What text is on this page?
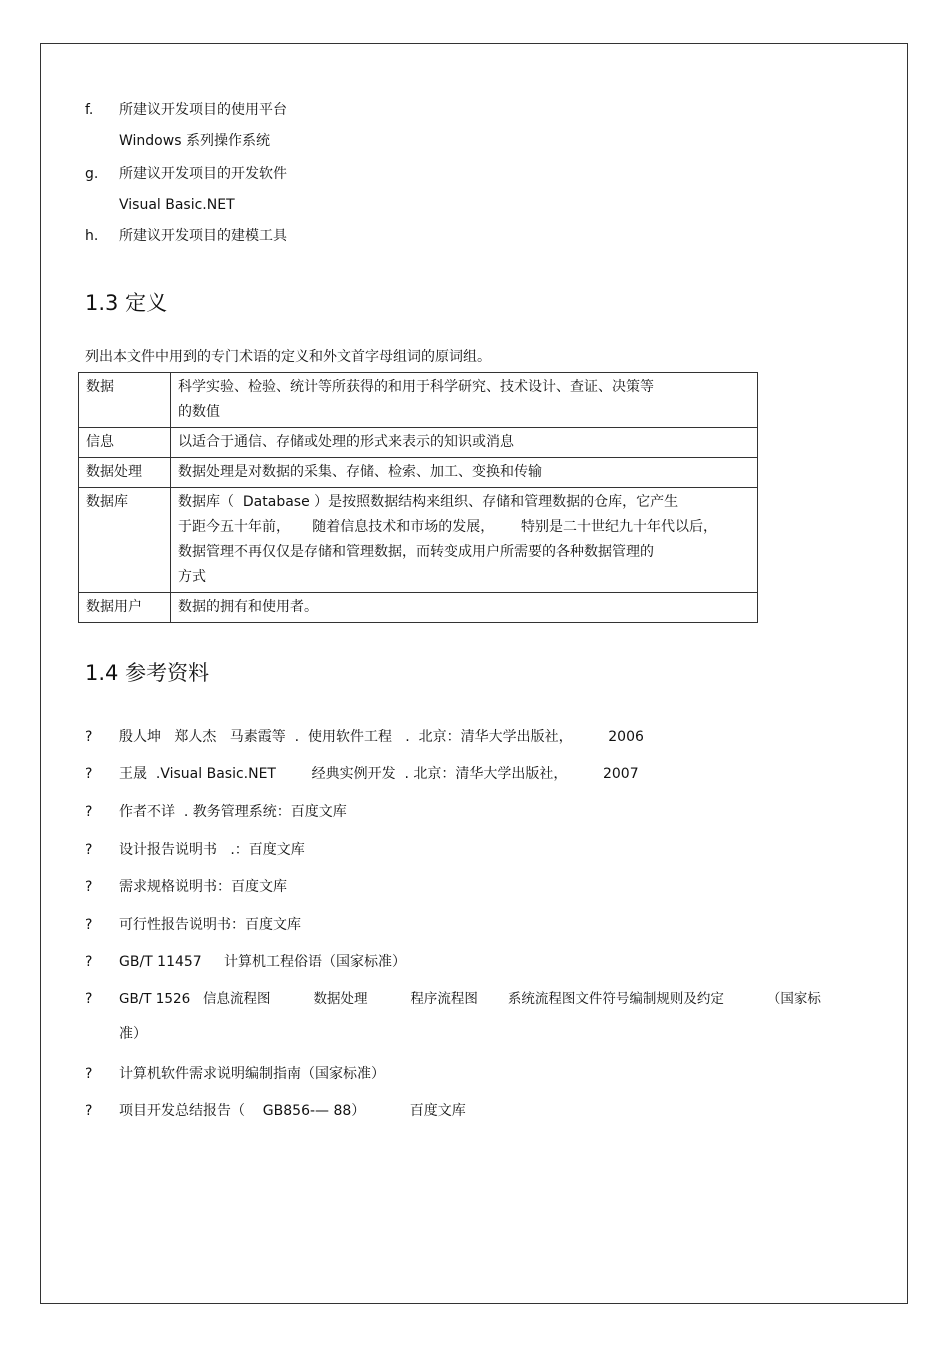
f. 所建议开发项目的使用平台
Windows 系列操作系统
g. 所建议开发项目的开发软件
Visual Basic.NET
h. 所建议开发项目的建模工具
1.3 定义
列出本文件中用到的专门术语的定义和外文首字母组词的原词组。
数据	科学实验、检验、统计等所获得的和用于科学研究、技术设计、查证、决策等
的数值

信息	以适合于通信、存储或处理的形式来表示的知识或消息

数据处理	数据处理是对数据的采集、存储、检索、加工、变换和传输

数据库	数据库（  Database ）是按照数据结构来组织、存储和管理数据的仓库，它产生
于距今五十年前，     随着信息技术和市场的发展，      特别是二十世纪九十年代以后，
数据管理不再仅仅是存储和管理数据，而转变成用户所需要的各种数据管理的
方式

数据用户	数据的拥有和使用者。
1.4 参考资料
? 殷人坤   郑人杰   马素霞等  .  使用软件工程   .  北京：清华大学出版社，        2006
? 王晟  .Visual Basic.NET        经典实例开发  . 北京：清华大学出版社，        2007
? 作者不详  . 教务管理系统：百度文库
? 设计报告说明书   .：百度文库
? 需求规格说明书：百度文库
? 可行性报告说明书：百度文库
? GB/T 11457     计算机工程俗语（国家标准）
? GB/T 1526   信息流程图          数据处理          程序流程图       系统流程图文件符号编制规则及约定          （国家标
准）
? 计算机软件需求说明编制指南（国家标准）
? 项目开发总结报告（    GB856-— 88）          百度文库
